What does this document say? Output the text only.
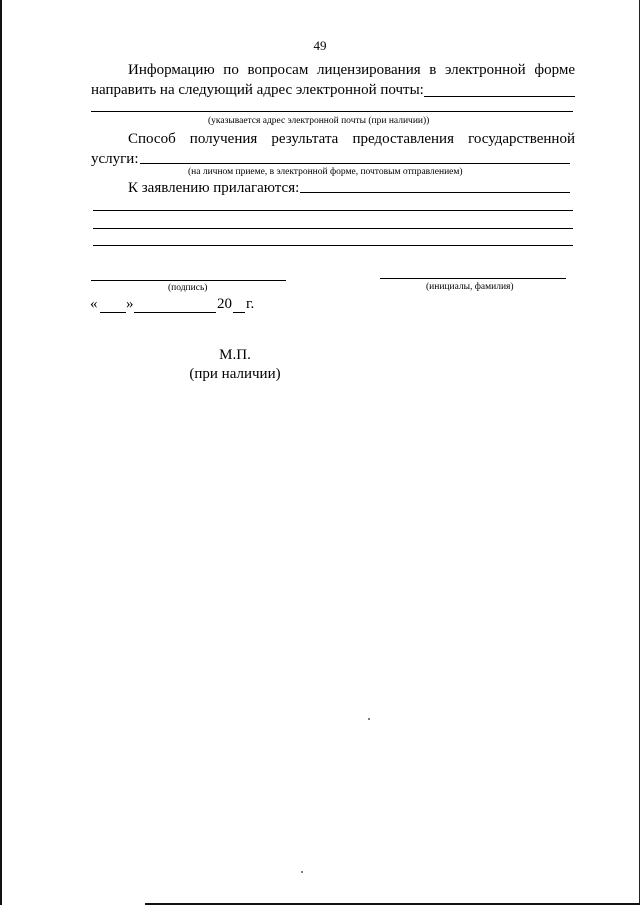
49
Информацию по вопросам лицензирования в электронной форме
направить на следующий адрес электронной почты:
(указывается адрес электронной почты (при наличии))
Способ получения результата предоставления государственной
услуги:
(на личном приеме, в электронной форме, почтовым отправлением)
К заявлению прилагаются:
(подпись)	(инициалы, фамилия)
« »	20 г.
М.П.
(при наличии)
